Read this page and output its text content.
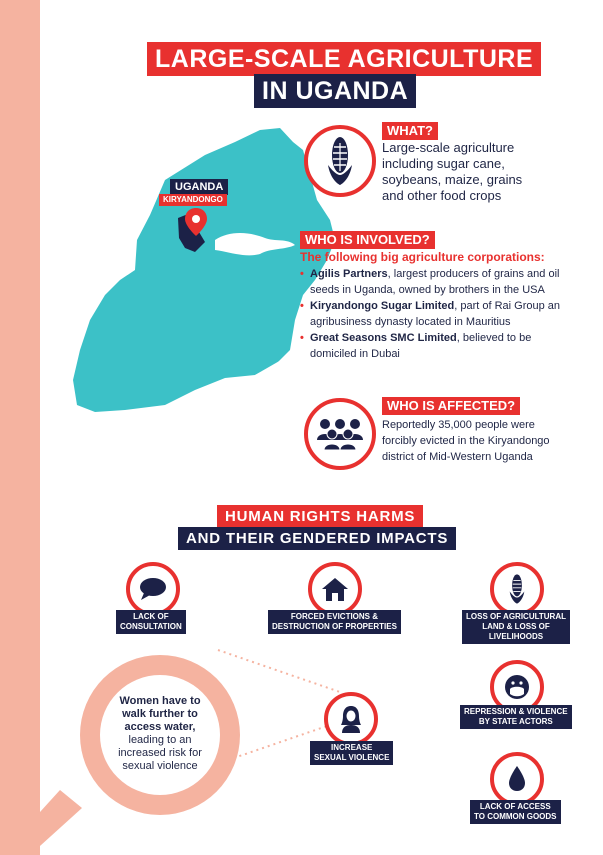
LARGE-SCALE AGRICULTURE
IN UGANDA
UGANDA
KIRYANDONGO
WHAT?
Large-scale agriculture including sugar cane, soybeans, maize, grains and other food crops
WHO IS INVOLVED?
The following big agriculture corporations:
• Agilis Partners, largest producers of grains and oil seeds in Uganda, owned by brothers in the USA
• Kiryandongo Sugar Limited, part of Rai Group an agribusiness dynasty located in Mauritius
• Great Seasons SMC Limited, believed to be domiciled in Dubai
WHO IS AFFECTED?
Reportedly 35,000 people were forcibly evicted in the Kiryandongo district of Mid-Western Uganda
HUMAN RIGHTS HARMS
AND THEIR GENDERED IMPACTS
LACK OF
CONSULTATION
FORCED EVICTIONS &
DESTRUCTION OF PROPERTIES
LOSS OF AGRICULTURAL
LAND & LOSS OF
LIVELIHOODS
REPRESSION & VIOLENCE
BY STATE ACTORS
INCREASE
SEXUAL VIOLENCE
LACK OF ACCESS
TO COMMON GOODS
Women have to walk further to access water, leading to an increased risk for sexual violence
